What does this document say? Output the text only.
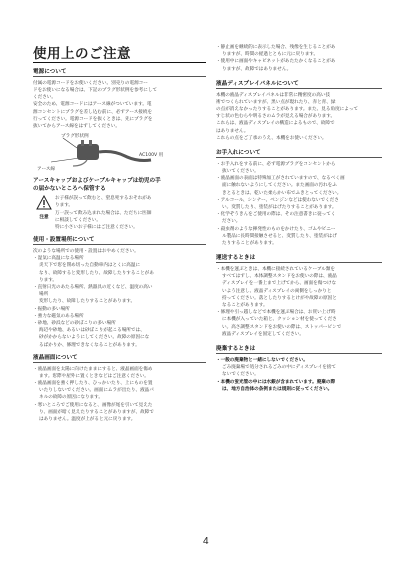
使用上のご注意

電源について

付属の電源コードをお使いください。別売りの電源コー

ドをお使いになる場合は、下記のプラグ形状例を参考にして

ください。

安全のため、電源コードにはアース線がついています。電

源コンセントにプラグを差し込む前に、必ずアース接続を

行ってください。電源コードを抜くときは、先にプラグを

抜いてからアース線をはずしてください。

プラグ形状例
アース線
AC100V 用

アースキャップおよびケーブルキャップは幼児の手

の届かないところへ保管する

注意

お子様が誤って飲むと、窒息死するおそれがあ

ります。

万一誤って飲み込まれた場合は、ただちに医師

に相談してください。

特に小さいお子様にはご注意ください。

使用・設置場所について

次のような場所での使用・設置はおやめください。

・湿気に高温になる場所

炎天下で窓を閉め切った自動車内はとくに高温に

なり、故障すると変形したり、故障したりすることがあ

ります。

・直射日光のあたる場所、熱器具の近くなど、温度の高い

場所

変形したり、故障したりすることがあります。

・振動の多い場所

・強力な磁気のある場所

・砂地、砂浜などの砂ぼこりの多い場所

海辺や砂地、あるいは砂ぼこりが起こる場所では、

砂がかからないようにしてください。故障の原因にな

るばかりか、修理できなくなることがあります。

液晶画面について

・液晶画面を太陽に向けたままにすると、液晶画面を傷め

ます。窓際や屋外に置くときなどはご注意ください。

・液晶画面を強く押したり、ひっかいたり、上にものを置

いたりしないでください。画面にムラが出たり、液晶パ

ネルの故障の原因になります。

・寒いところでご使用になると、画像が尾を引いて見えた

り、画面が暗く見えたりすることがありますが、故障で

はありません。温度が上がると元に戻ります。

・静止画を継続的に表示した場合、残像を生じることがあ

りますが、時間の経過とともに元に戻ります。

・使用中に画面やキャビネットがあたたかくなることがあ

りますが、故障ではありません。

液晶ディスプレイパネルについて

本機の液晶ディスプレイパネルは非常に精密度の高い技

術でつくられていますが、黒い点が現れたり、赤と青、緑

の点が消えなかったりすることがあります。また、見る角度によって

すじ状の色むらや明るさのムラが見える場合があります。

これらは、液晶ディスプレイの構造によるもので、故障で

はありません。

これらの点をご了承のうえ、本機をお使いください。

お手入れについて

・お手入れをする前に、必ず電源プラグをコンセントから

抜いてください。

・液晶画面の表面は特殊加工がされていますので、なるべく画

面に触れないようにしてください。また画面の汚れをふ

きとるときは、乾いた柔らかい布でふきとってください。

・アルコール、シンナー、ベンジンなどは使わないでくださ

い。変質したり、塗装がはげたりすることがあります。

・化学ぞうきんをご使用の際は、その注意書きに従ってく

ださい。

・殺虫剤のような揮発性のものをかけたり、ゴムやビニー

ル製品に長時間接触させると、変質したり、塗装がはげ

たりすることがあります。

運送するときは

・本機を運ぶときは、本機に接続されているケーブル類を

すべてはずし、本体調整スタンドをお使いの際は、液晶

ディスプレイを一番上まで上げてから、画面を傷つけな

いよう注意し、液晶ディスプレイの両側をしっかりと

持ってください。落としたりするとけがや故障の原因と

なることがあります。

・修理や引っ越しなどで本機を運ぶ場合は、お買い上げ時

に本機が入っていた箱と、クッション材を使ってくださ

い。高さ調整スタンドをお使いの際は、ストッパーピンで

液晶ディスプレイを固定してください。

廃棄するときは

・一般の廃棄物と一緒にしないでください。

ごみ廃棄場で処分されるごみの中にディスプレイを捨て

ないでください。

・本機の蛍光管の中には水銀が含まれています。廃棄の際

は、地方自治体の条例または規則に従ってください。

4
